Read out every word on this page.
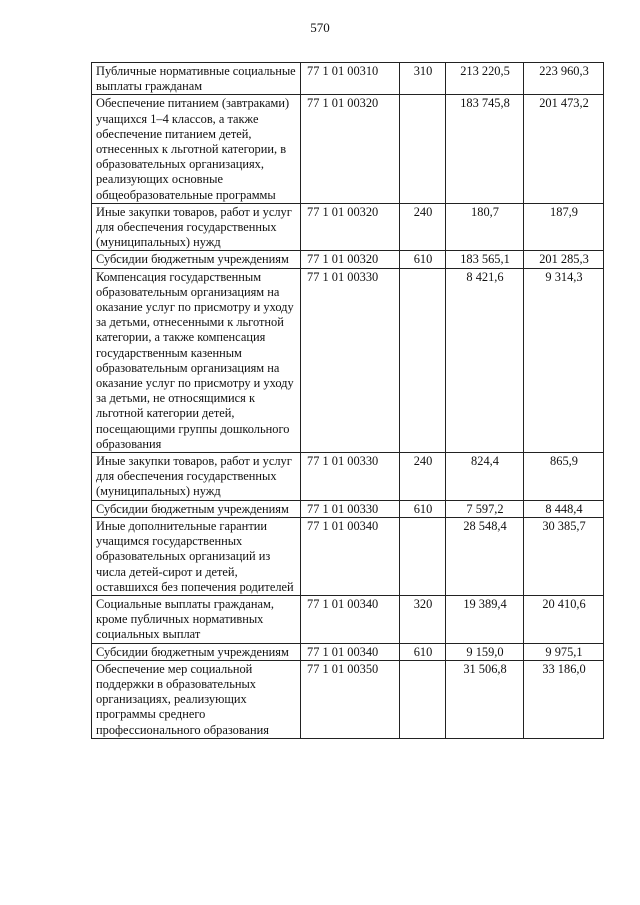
570
Публичные нормативные социальные выплаты гражданам	77 1 01 00310	310	213 220,5	223 960,3
Обеспечение питанием (завтраками) учащихся 1–4 классов, а также обеспечение питанием детей, отнесенных к льготной категории, в образовательных организациях, реализующих основные общеобразовательные программы	77 1 01 00320		183 745,8	201 473,2
Иные закупки товаров, работ и услуг для обеспечения государственных (муниципальных) нужд	77 1 01 00320	240	180,7	187,9
Субсидии бюджетным учреждениям	77 1 01 00320	610	183 565,1	201 285,3
Компенсация государственным образовательным организациям на оказание услуг по присмотру и уходу за детьми, отнесенными к льготной категории, а также компенсация государственным казенным образовательным организациям на оказание услуг по присмотру и уходу за детьми, не относящимися к льготной категории детей, посещающими группы дошкольного образования	77 1 01 00330		8 421,6	9 314,3
Иные закупки товаров, работ и услуг для обеспечения государственных (муниципальных) нужд	77 1 01 00330	240	824,4	865,9
Субсидии бюджетным учреждениям	77 1 01 00330	610	7 597,2	8 448,4
Иные дополнительные гарантии учащимся государственных образовательных организаций из числа детей-сирот и детей, оставшихся без попечения родителей	77 1 01 00340		28 548,4	30 385,7
Социальные выплаты гражданам, кроме публичных нормативных социальных выплат	77 1 01 00340	320	19 389,4	20 410,6
Субсидии бюджетным учреждениям	77 1 01 00340	610	9 159,0	9 975,1
Обеспечение мер социальной поддержки в образовательных организациях, реализующих программы среднего профессионального образования	77 1 01 00350		31 506,8	33 186,0
